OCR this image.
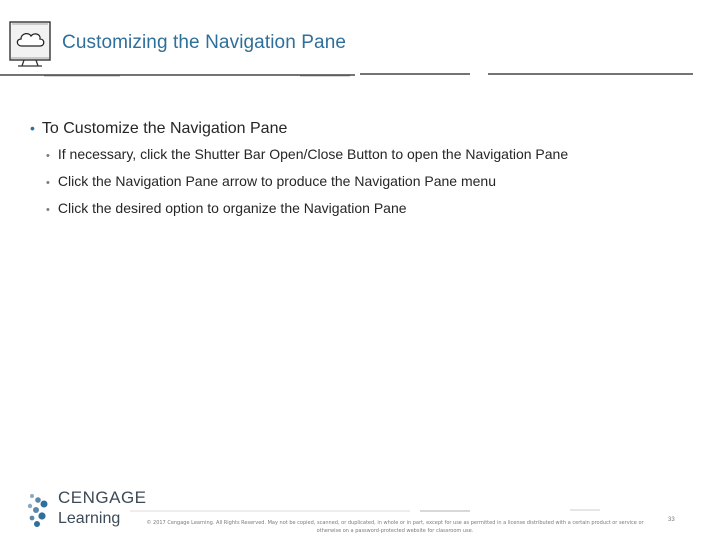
Customizing the Navigation Pane
• To Customize the Navigation Pane
• If necessary, click the Shutter Bar Open/Close Button to open the Navigation Pane
• Click the Navigation Pane arrow to produce the Navigation Pane menu
• Click the desired option to organize the Navigation Pane
CENGAGE
Learning	© 2017 Cengage Learning. All Rights Reserved. May not be copied, scanned, or duplicated, in whole or in part, except for use as permitted in a license distributed with a certain product or service or otherwise on a password-protected website for classroom use.
33
